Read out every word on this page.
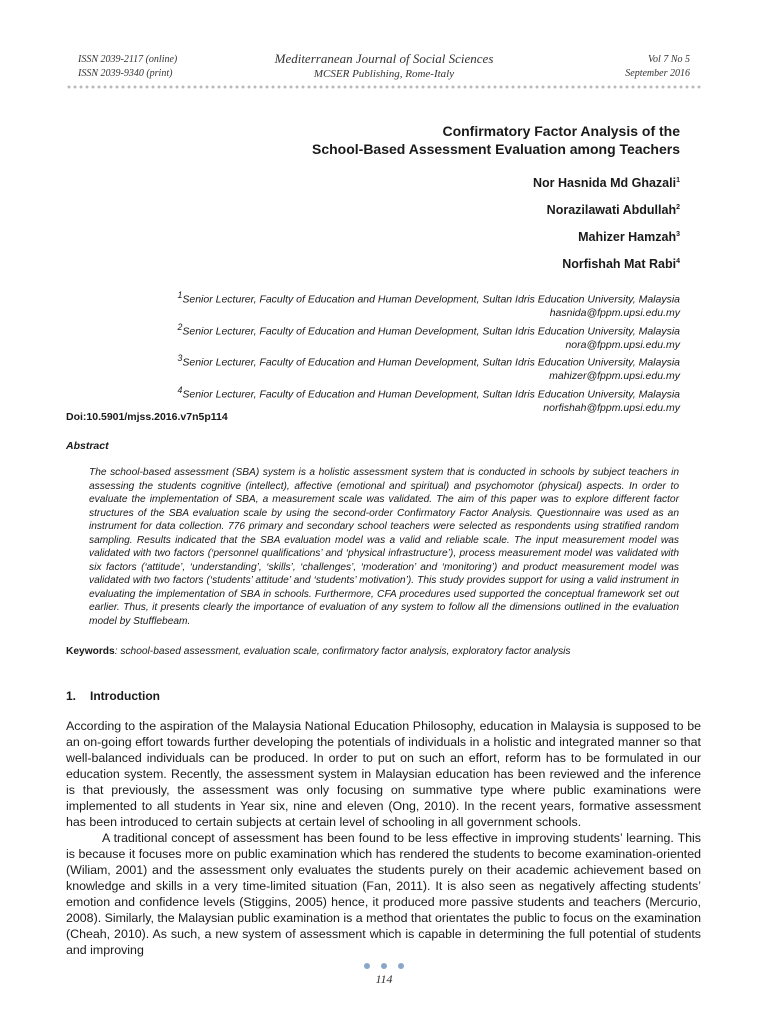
ISSN 2039-2117 (online)
ISSN 2039-9340 (print)
Mediterranean Journal of Social Sciences
MCSER Publishing, Rome-Italy
Vol 7 No 5
September 2016
Confirmatory Factor Analysis of the
School-Based Assessment Evaluation among Teachers
Nor Hasnida Md Ghazali$^1$
Norazilawati Abdullah$^2$
Mahizer Hamzah$^3$
Norfishah Mat Rabi$^4$
$^1$Senior Lecturer, Faculty of Education and Human Development, Sultan Idris Education University, Malaysia
hasnida@fppm.upsi.edu.my
$^2$Senior Lecturer, Faculty of Education and Human Development, Sultan Idris Education University, Malaysia
nora@fppm.upsi.edu.my
$^3$Senior Lecturer, Faculty of Education and Human Development, Sultan Idris Education University, Malaysia
mahizer@fppm.upsi.edu.my
$^4$Senior Lecturer, Faculty of Education and Human Development, Sultan Idris Education University, Malaysia
norfishah@fppm.upsi.edu.my
Doi:10.5901/mjss.2016.v7n5p114
Abstract
The school-based assessment (SBA) system is a holistic assessment system that is conducted in schools by subject teachers in assessing the students cognitive (intellect), affective (emotional and spiritual) and psychomotor (physical) aspects. In order to evaluate the implementation of SBA, a measurement scale was validated. The aim of this paper was to explore different factor structures of the SBA evaluation scale by using the second-order Confirmatory Factor Analysis. Questionnaire was used as an instrument for data collection. 776 primary and secondary school teachers were selected as respondents using stratified random sampling. Results indicated that the SBA evaluation model was a valid and reliable scale. The input measurement model was validated with two factors (‘personnel qualifications’ and ‘physical infrastructure’), process measurement model was validated with six factors (‘attitude’, ‘understanding’, ‘skills’, ‘challenges’, ‘moderation’ and ‘monitoring’) and product measurement model was validated with two factors (‘students’ attitude’ and ‘students’ motivation’). This study provides support for using a valid instrument in evaluating the implementation of SBA in schools. Furthermore, CFA procedures used supported the conceptual framework set out earlier. Thus, it presents clearly the importance of evaluation of any system to follow all the dimensions outlined in the evaluation model by Stufflebeam.
Keywords: school-based assessment, evaluation scale, confirmatory factor analysis, exploratory factor analysis
1. Introduction

According to the aspiration of the Malaysia National Education Philosophy, education in Malaysia is supposed to be an on-going effort towards further developing the potentials of individuals in a holistic and integrated manner so that well-balanced individuals can be produced. In order to put on such an effort, reform has to be formulated in our education system. Recently, the assessment system in Malaysian education has been reviewed and the inference is that previously, the assessment was only focusing on summative type where public examinations were implemented to all students in Year six, nine and eleven (Ong, 2010). In the recent years, formative assessment has been introduced to certain subjects at certain level of schooling in all government schools.

A traditional concept of assessment has been found to be less effective in improving students’ learning. This is because it focuses more on public examination which has rendered the students to become examination-oriented (Wiliam, 2001) and the assessment only evaluates the students purely on their academic achievement based on knowledge and skills in a very time-limited situation (Fan, 2011). It is also seen as negatively affecting students’ emotion and confidence levels (Stiggins, 2005) hence, it produced more passive students and teachers (Mercurio, 2008). Similarly, the Malaysian public examination is a method that orientates the public to focus on the examination (Cheah, 2010). As such, a new system of assessment which is capable in determining the full potential of students and improving

114
